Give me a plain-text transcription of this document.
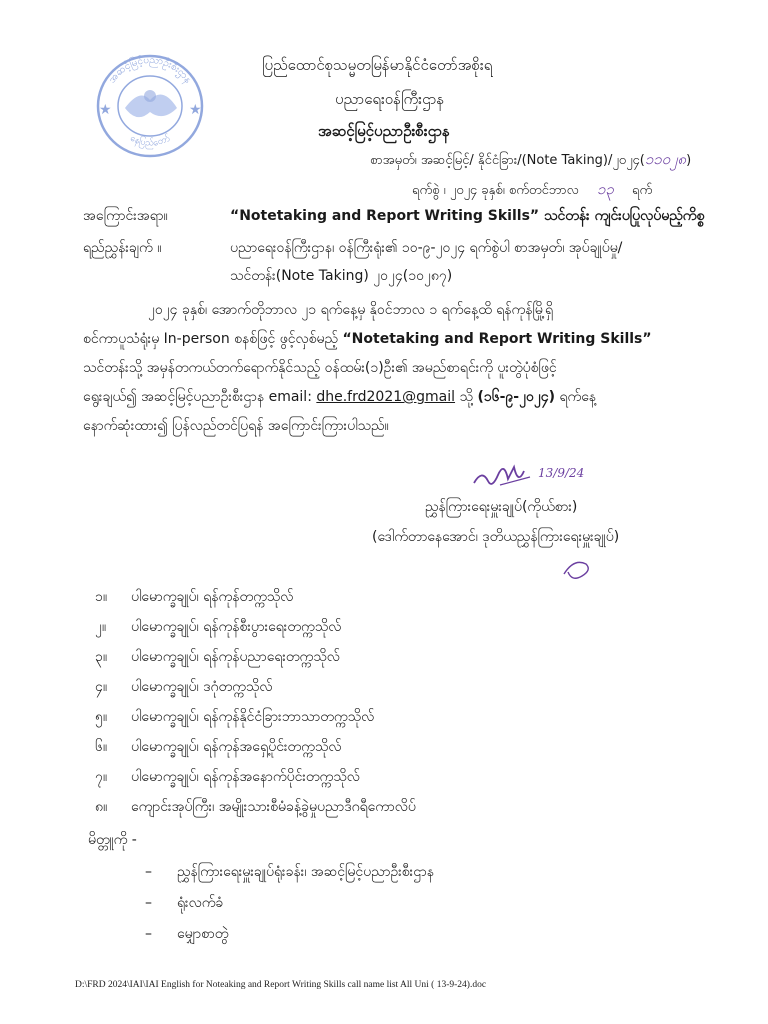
အဆင့်မြင့်ပညာဦးစီးဌာန
နေပြည်တော်
★	★
ပြည်ထောင်စုသမ္မတမြန်မာနိုင်ငံတော်အစိုးရ
ပညာရေးဝန်ကြီးဌာန
အဆင့်မြင့်ပညာဦးစီးဌာန
စာအမှတ်၊ အဆင့်မြင့်/ နိုင်ငံခြား/(Note Taking)/၂၀၂၄(၁၁၀၂၈)
ရက်စွဲ ၊ ၂၀၂၄ ခုနှစ်၊ စက်တင်ဘာလ ၁၃ ရက်
အကြောင်းအရာ။	“Notetaking and Report Writing Skills” သင်တန်း ကျင်းပပြုလုပ်မည့်ကိစ္စ
ရည်ညွှန်းချက် ။	ပညာရေးဝန်ကြီးဌာန၊ ဝန်ကြီးရုံး၏ ၁၀-၉-၂၀၂၄ ရက်စွဲပါ စာအမှတ်၊ အုပ်ချုပ်မှု/
သင်တန်း(Note Taking) ၂၀၂၄(၁၀၂၈၇)
၂၀၂၄ ခုနှစ်၊ အောက်တိုဘာလ ၂၁ ရက်နေ့မှ နိုဝင်ဘာလ ၁ ရက်နေ့ထိ ရန်ကုန်မြို့ရှိ
စင်ကာပူသံရုံးမှ In-person စနစ်ဖြင့် ဖွင့်လှစ်မည့် “Notetaking and Report Writing Skills”
သင်တန်းသို့ အမှန်တကယ်တက်ရောက်နိုင်သည့် ဝန်ထမ်း(၁)ဦး၏ အမည်စာရင်းကို ပူးတွဲပုံစံဖြင့်
ရွေးချယ်၍ အဆင့်မြင့်ပညာဦးစီးဌာန email: dhe.frd2021@gmail သို့ (၁၆-၉-၂၀၂၄) ရက်နေ့
နောက်ဆုံးထား၍ ပြန်လည်တင်ပြရန် အကြောင်းကြားပါသည်။
13/9/24
ညွှန်ကြားရေးမှူးချုပ်(ကိုယ်စား)
(ဒေါက်တာနေအောင်၊ ဒုတိယညွှန်ကြားရေးမှူးချုပ်)
၁။ ပါမောက္ခချုပ်၊ ရန်ကုန်တက္ကသိုလ်
၂။ ပါမောက္ခချုပ်၊ ရန်ကုန်စီးပွားရေးတက္ကသိုလ်
၃။ ပါမောက္ခချုပ်၊ ရန်ကုန်ပညာရေးတက္ကသိုလ်
၄။ ပါမောက္ခချုပ်၊ ဒဂုံတက္ကသိုလ်
၅။ ပါမောက္ခချုပ်၊ ရန်ကုန်နိုင်ငံခြားဘာသာတက္ကသိုလ်
၆။ ပါမောက္ခချုပ်၊ ရန်ကုန်အရှေ့ပိုင်းတက္ကသိုလ်
၇။ ပါမောက္ခချုပ်၊ ရန်ကုန်အနောက်ပိုင်းတက္ကသိုလ်
၈။ ကျောင်းအုပ်ကြီး၊ အမျိုးသားစီမံခန့်ခွဲမှုပညာဒီဂရီကောလိပ်
မိတ္တူကို -
– ညွှန်ကြားရေးမှူးချုပ်ရုံးခန်း၊ အဆင့်မြင့်ပညာဦးစီးဌာန
– ရုံးလက်ခံ
– မျှောစာတွဲ
D:\FRD 2024\IAI\IAI English for Noteaking and Report Writing Skills call name list All Uni ( 13-9-24).doc
